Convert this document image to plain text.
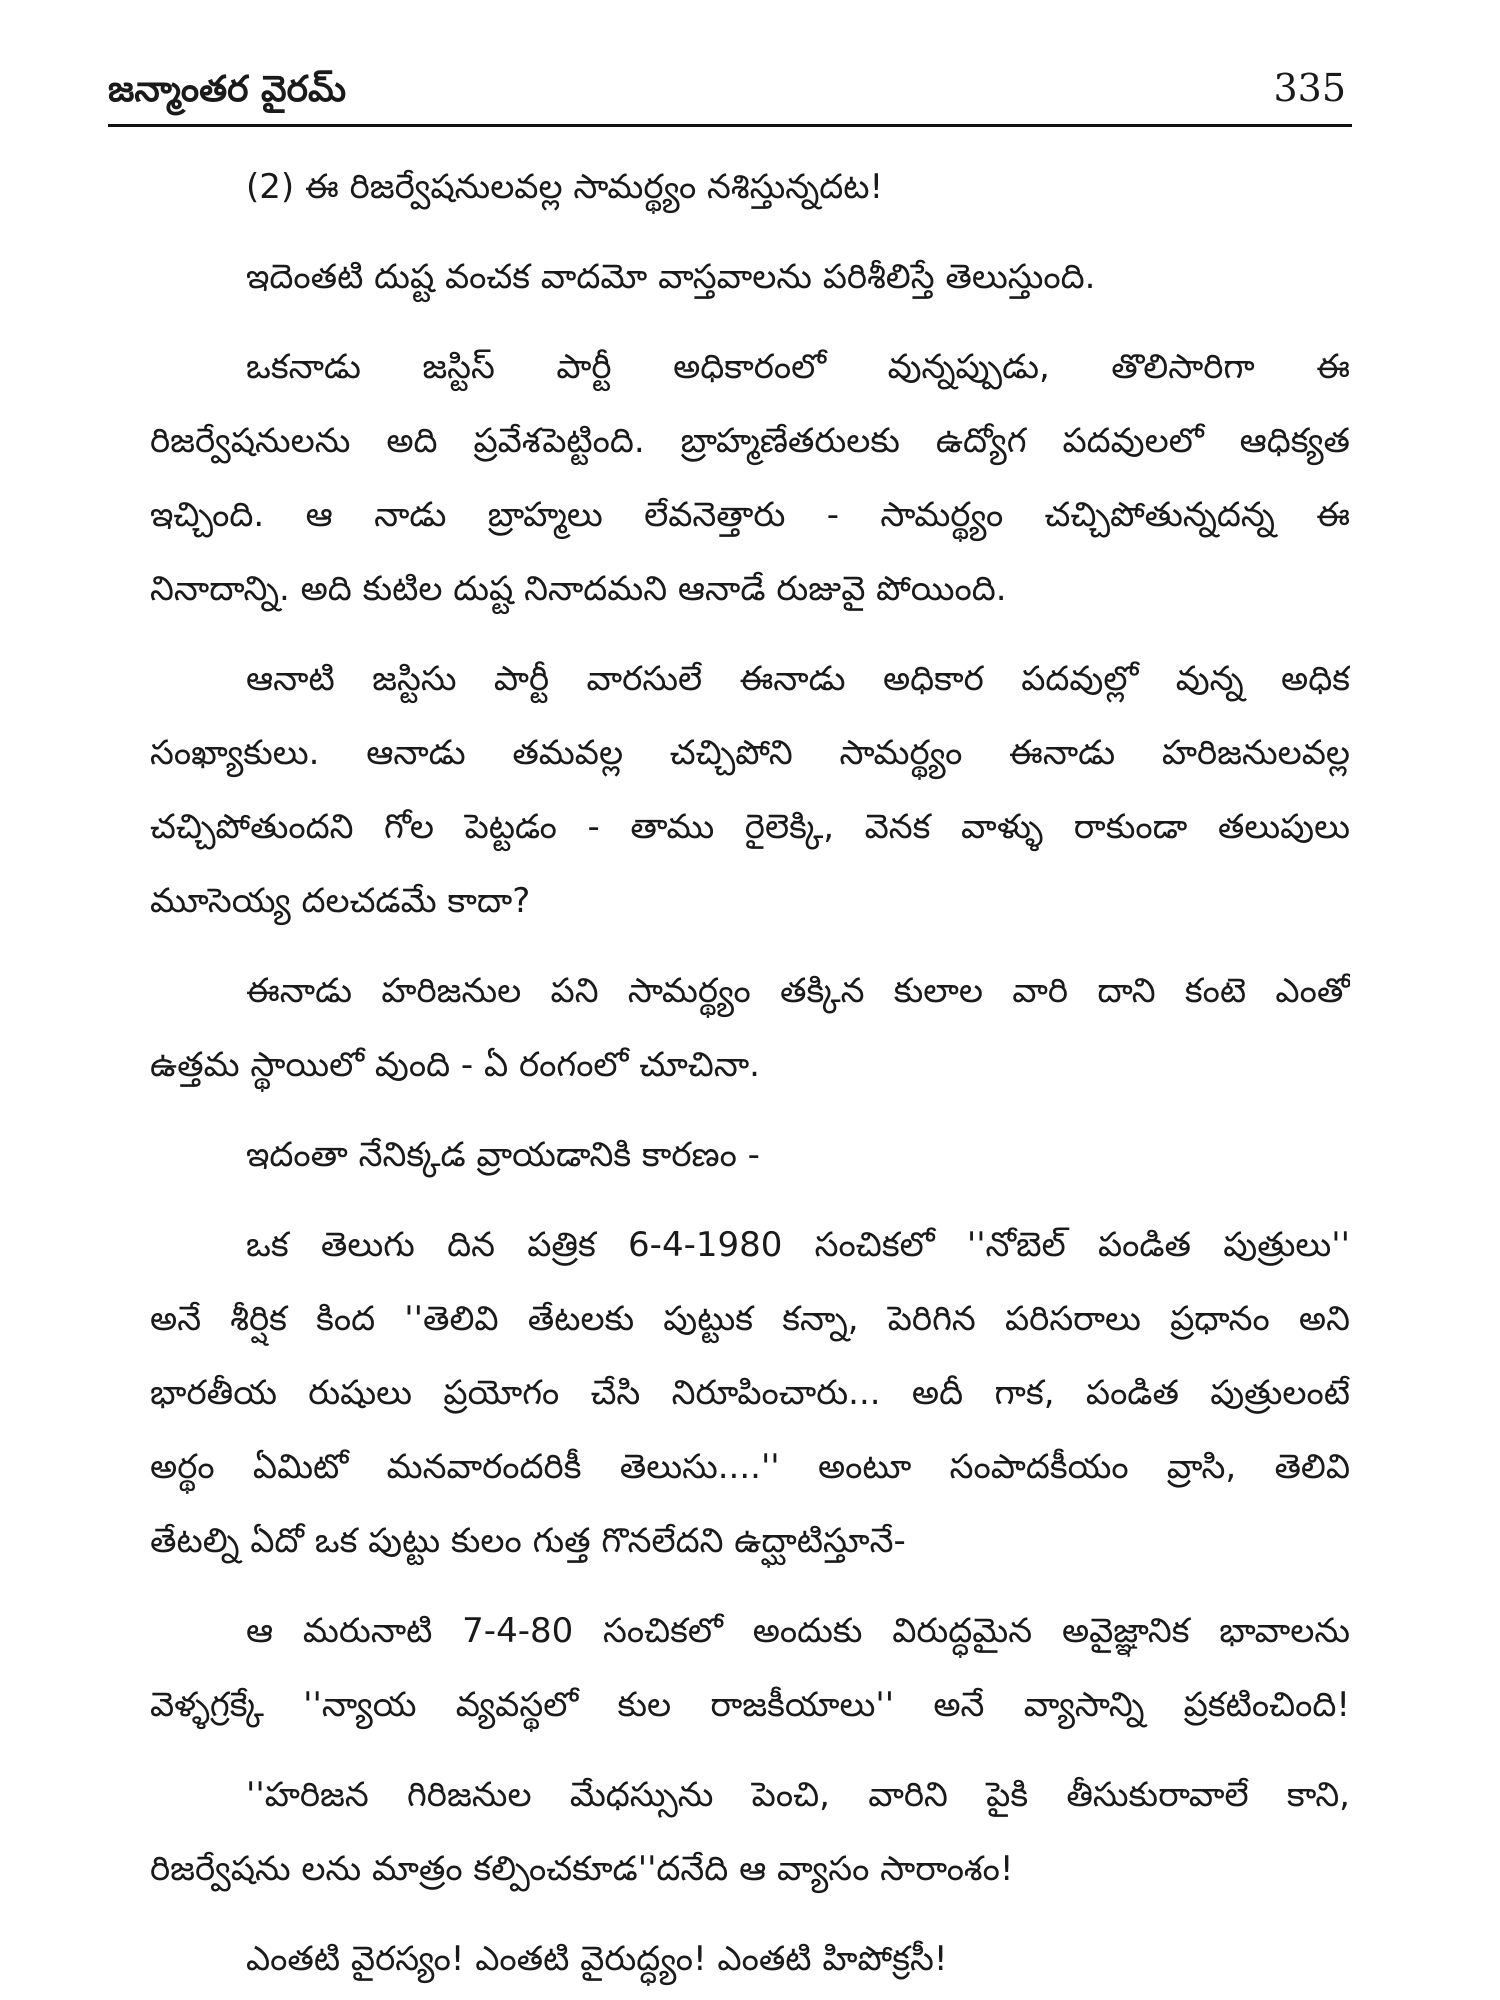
జన్మాంతర వైరమ్	335
(2) ఈ రిజర్వేషనులవల్ల సామర్థ్యం నశిస్తున్నదట!
ఇదెంతటి దుష్ట వంచక వాదమో వాస్తవాలను పరిశీలిస్తే తెలుస్తుంది.
ఒకనాడు జస్టిస్ పార్టీ అధికారంలో వున్నప్పుడు, తొలిసారిగా ఈ
రిజర్వేషనులను అది ప్రవేశపెట్టింది. బ్రాహ్మణేతరులకు ఉద్యోగ పదవులలో ఆధిక్యత
ఇచ్చింది. ఆ నాడు బ్రాహ్మలు లేవనెత్తారు - సామర్థ్యం చచ్చిపోతున్నదన్న ఈ
నినాదాన్ని. అది కుటిల దుష్ట నినాదమని ఆనాడే రుజువై పోయింది.
ఆనాటి జస్టిసు పార్టీ వారసులే ఈనాడు అధికార పదవుల్లో వున్న అధిక
సంఖ్యాకులు. ఆనాడు తమవల్ల చచ్చిపోని సామర్థ్యం ఈనాడు హరిజనులవల్ల
చచ్చిపోతుందని గోల పెట్టడం - తాము రైలెక్కి, వెనక వాళ్ళు రాకుండా తలుపులు
మూసెయ్య దలచడమే కాదా?
ఈనాడు హరిజనుల పని సామర్థ్యం తక్కిన కులాల వారి దాని కంటె ఎంతో
ఉత్తమ స్థాయిలో వుంది - ఏ రంగంలో చూచినా.
ఇదంతా నేనిక్కడ వ్రాయడానికి కారణం -
ఒక తెలుగు దిన పత్రిక 6-4-1980 సంచికలో ''నోబెల్ పండిత పుత్రులు''
అనే శీర్షిక కింద ''తెలివి తేటలకు పుట్టుక కన్నా, పెరిగిన పరిసరాలు ప్రధానం అని
భారతీయ రుషులు ప్రయోగం చేసి నిరూపించారు... అదీ గాక, పండిత పుత్రులంటే
అర్థం ఏమిటో మనవారందరికీ తెలుసు....'' అంటూ సంపాదకీయం వ్రాసి, తెలివి
తేటల్ని ఏదో ఒక పుట్టు కులం గుత్త గొనలేదని ఉద్ఘాటిస్తూనే-
ఆ మరునాటి 7-4-80 సంచికలో అందుకు విరుద్ధమైన అవైజ్ఞానిక భావాలను
వెళ్ళగ్రక్కే ''న్యాయ వ్యవస్థలో కుల రాజకీయాలు'' అనే వ్యాసాన్ని ప్రకటించింది!
''హరిజన గిరిజనుల మేధస్సును పెంచి, వారిని పైకి తీసుకురావాలే కాని,
రిజర్వేషను లను మాత్రం కల్పించకూడ''దనేది ఆ వ్యాసం సారాంశం!
ఎంతటి వైరస్యం! ఎంతటి వైరుద్ధ్యం! ఎంతటి హిపోక్రసీ!
